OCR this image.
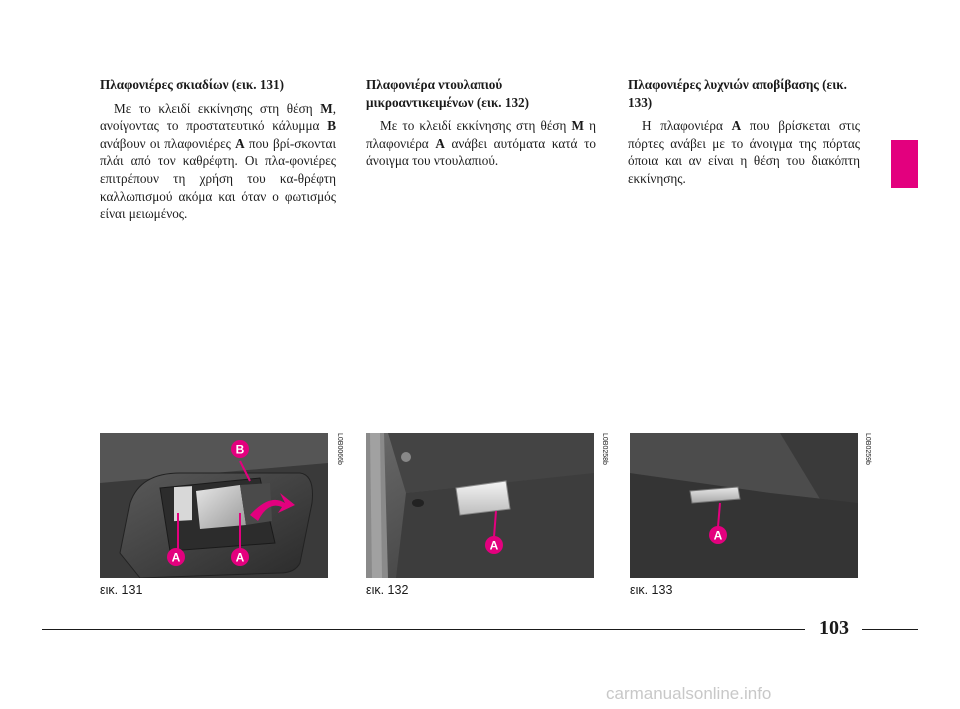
Πλαφονιέρες σκιαδίων (εικ. 131)

Με το κλειδί εκκίνησης στη θέση M, ανοίγοντας το προστατευτικό κάλυμμα B ανάβουν οι πλαφονιέρες A που βρί-σκονται πλάι από τον καθρέφτη. Οι πλα-φονιέρες επιτρέπουν τη χρήση του κα-θρέφτη καλλωπισμού ακόμα και όταν ο φωτισμός είναι μειωμένος.

Πλαφονιέρα ντουλαπιού μικροαντικειμένων (εικ. 132)

Με το κλειδί εκκίνησης στη θέση M η πλαφονιέρα A ανάβει αυτόματα κατά το άνοιγμα του ντουλαπιού.

Πλαφονιέρες λυχνιών αποβίβασης (εικ. 133)

Η πλαφονιέρα A που βρίσκεται στις πόρτες ανάβει με το άνοιγμα της πόρτας όποια και αν είναι η θέση του διακόπτη εκκίνησης.

B
A	A
L0B0066b
εικ. 131
A
L0B0258b
εικ. 132
A
L0B0259b
εικ. 133
103
carmanualsonline.info
